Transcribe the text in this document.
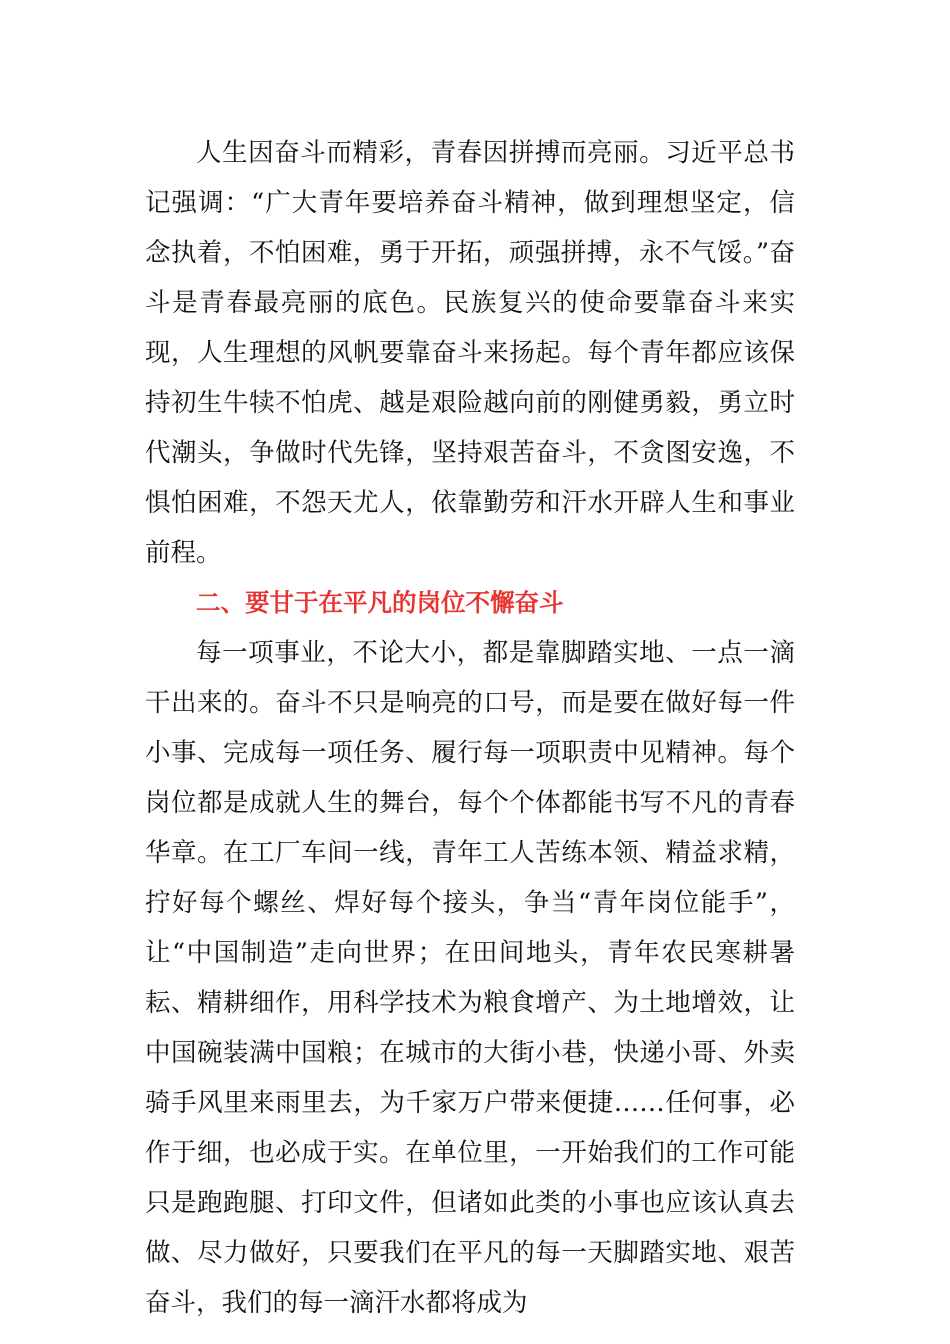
人生因奋斗而精彩，青春因拼搏而亮丽。习近平总书记强调：“广大青年要培养奋斗精神，做到理想坚定，信念执着，不怕困难，勇于开拓，顽强拼搏，永不气馁。”奋斗是青春最亮丽的底色。民族复兴的使命要靠奋斗来实现，人生理想的风帆要靠奋斗来扬起。每个青年都应该保持初生牛犊不怕虎、越是艰险越向前的刚健勇毅，勇立时代潮头，争做时代先锋，坚持艰苦奋斗，不贪图安逸，不惧怕困难，不怨天尤人，依靠勤劳和汗水开辟人生和事业前程。

二、要甘于在平凡的岗位不懈奋斗

每一项事业，不论大小，都是靠脚踏实地、一点一滴干出来的。奋斗不只是响亮的口号，而是要在做好每一件小事、完成每一项任务、履行每一项职责中见精神。每个岗位都是成就人生的舞台，每个个体都能书写不凡的青春华章。在工厂车间一线，青年工人苦练本领、精益求精，拧好每个螺丝、焊好每个接头，争当“青年岗位能手”，让“中国制造”走向世界；在田间地头，青年农民寒耕暑耘、精耕细作，用科学技术为粮食增产、为土地增效，让中国碗装满中国粮；在城市的大街小巷，快递小哥、外卖骑手风里来雨里去，为千家万户带来便捷……任何事，必作于细，也必成于实。在单位里，一开始我们的工作可能只是跑跑腿、打印文件，但诸如此类的小事也应该认真去做、尽力做好，只要我们在平凡的每一天脚踏实地、艰苦奋斗，我们的每一滴汗水都将成为
